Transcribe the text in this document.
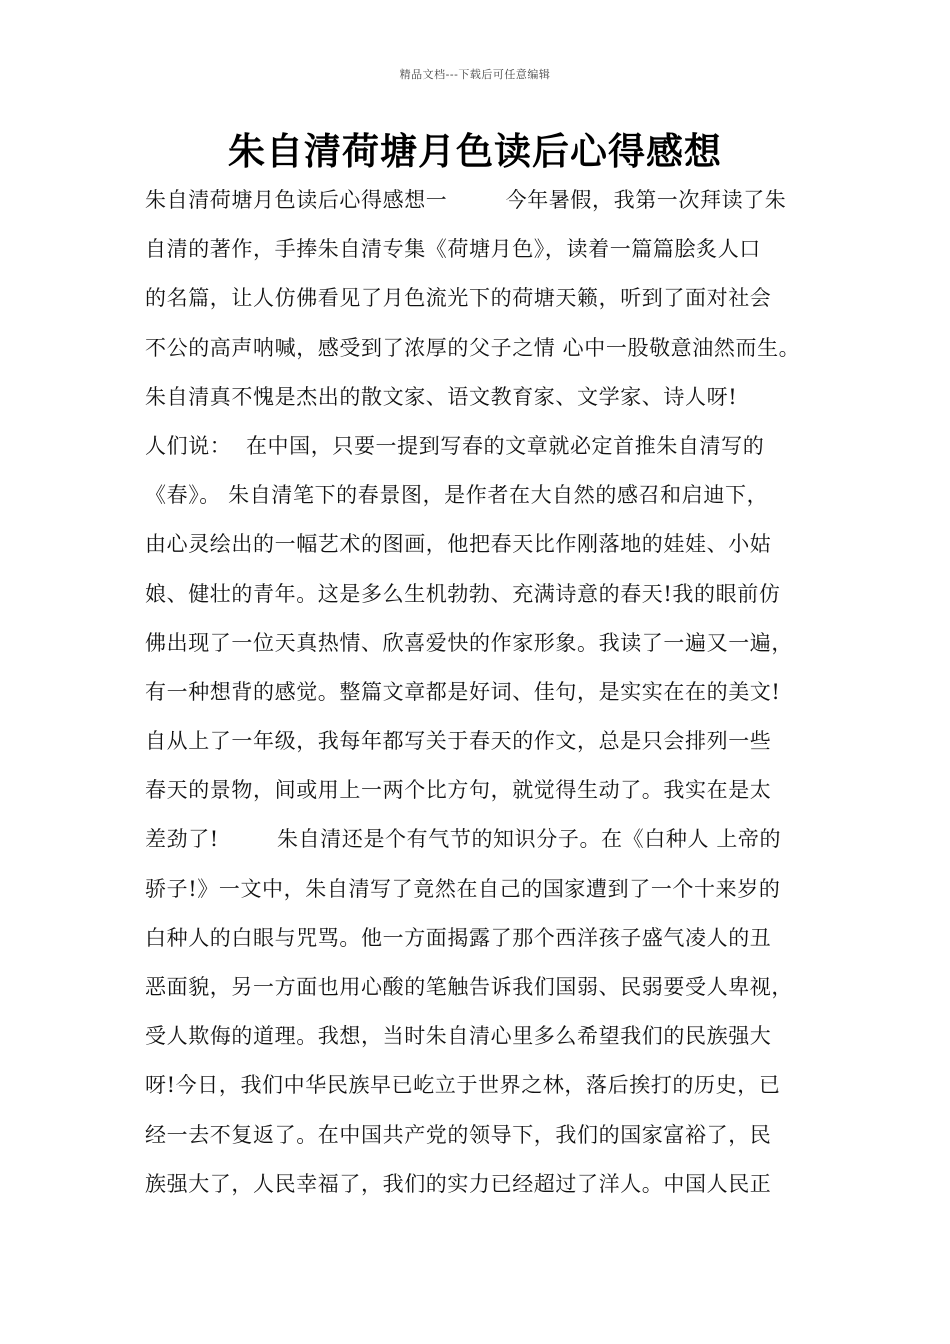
精品文档---下载后可任意编辑
朱自清荷塘月色读后心得感想
朱自清荷塘月色读后心得感想一        今年暑假，我第一次拜读了朱
自清的著作，手捧朱自清专集《荷塘月色》，读着一篇篇脍炙人口
的名篇，让人仿佛看见了月色流光下的荷塘天籁，听到了面对社会
不公的高声呐喊，感受到了浓厚的父子之情 心中一股敬意油然而生。
朱自清真不愧是杰出的散文家、语文教育家、文学家、诗人呀!
人们说：  在中国，只要一提到写春的文章就必定首推朱自清写的
《春》。 朱自清笔下的春景图，是作者在大自然的感召和启迪下，
由心灵绘出的一幅艺术的图画，他把春天比作刚落地的娃娃、小姑
娘、健壮的青年。这是多么生机勃勃、充满诗意的春天!我的眼前仿
佛出现了一位天真热情、欣喜爱快的作家形象。我读了一遍又一遍，
有一种想背的感觉。整篇文章都是好词、佳句，是实实在在的美文!
自从上了一年级，我每年都写关于春天的作文，总是只会排列一些
春天的景物，间或用上一两个比方句，就觉得生动了。我实在是太
差劲了!        朱自清还是个有气节的知识分子。在《白种人 上帝的
骄子!》一文中，朱自清写了竟然在自己的国家遭到了一个十来岁的
白种人的白眼与咒骂。他一方面揭露了那个西洋孩子盛气凌人的丑
恶面貌，另一方面也用心酸的笔触告诉我们国弱、民弱要受人卑视，
受人欺侮的道理。我想，当时朱自清心里多么希望我们的民族强大
呀!今日，我们中华民族早已屹立于世界之林，落后挨打的历史，已
经一去不复返了。在中国共产党的领导下，我们的国家富裕了，民
族强大了，人民幸福了，我们的实力已经超过了洋人。中国人民正
